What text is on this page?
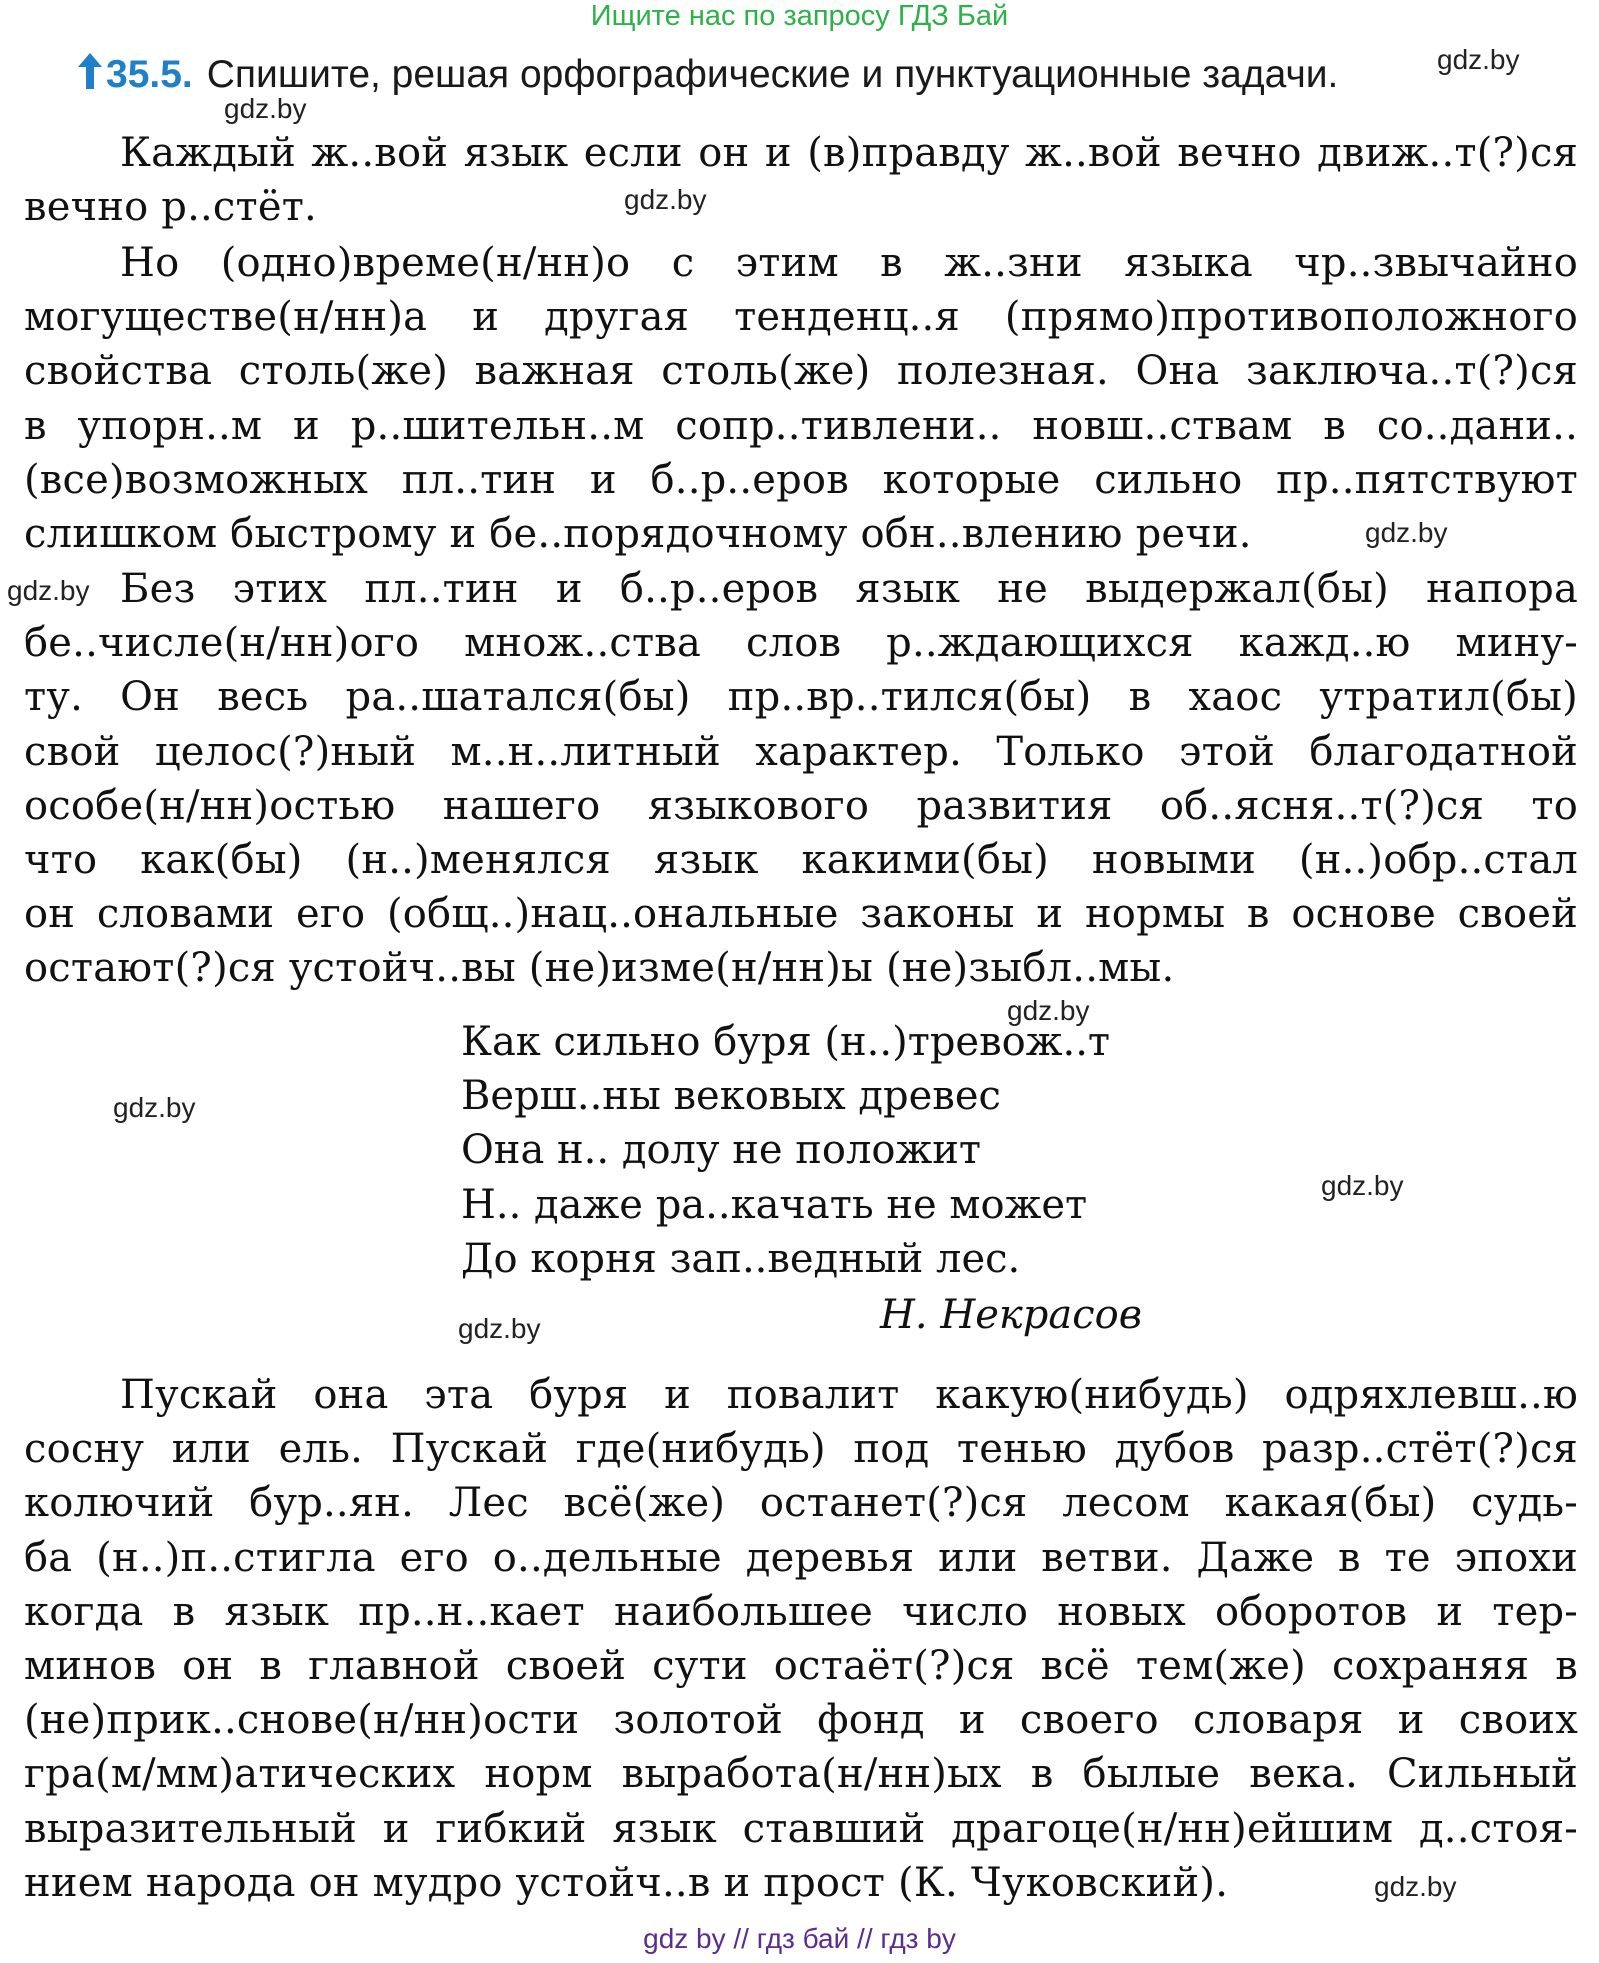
Ищите нас по запросу ГДЗ Бай
35.5. Спишите, решая орфографические и пунктуационные задачи.	gdz.by
gdz.by
gdz.by
gdz.by
gdz.by
gdz.by
gdz.by
gdz.by
gdz.by
gdz.by
Каждый ж..вой язык если он и (в)правду ж..вой вечно движ..т(?)ся
вечно р..стёт.
Но (одно)време(н/нн)о с этим в ж..зни языка чр..звычайно
могуществе(н/нн)а и другая тенденц..я (прямо)противоположного
свойства столь(же) важная столь(же) полезная. Она заключа..т(?)ся
в упорн..м и р..шительн..м сопр..тивлени.. новш..ствам в со..дани..
(все)возможных пл..тин и б..р..еров которые сильно пр..пятствуют
слишком быстрому и бе..порядочному обн..влению речи.
Без этих пл..тин и б..р..еров язык не выдержал(бы) напора
бе..числе(н/нн)ого множ..ства слов р..ждающихся кажд..ю мину-
ту. Он весь ра..шатался(бы) пр..вр..тился(бы) в хаос утратил(бы)
свой целос(?)ный м..н..литный характер. Только этой благодатной
особе(н/нн)остью нашего языкового развития об..ясня..т(?)ся то
что как(бы) (н..)менялся язык какими(бы) новыми (н..)обр..стал
он словами его (общ..)нац..ональные законы и нормы в основе своей
остают(?)ся устойч..вы (не)изме(н/нн)ы (не)зыбл..мы.
Как сильно буря (н..)тревож..т
Верш..ны вековых древес
Она н.. долу не положит
Н.. даже ра..качать не может
До корня зап..ведный лес.
Н. Некрасов
Пускай она эта буря и повалит какую(нибудь) одряхлевш..ю
сосну или ель. Пускай где(нибудь) под тенью дубов разр..стёт(?)ся
колючий бур..ян. Лес всё(же) останет(?)ся лесом какая(бы) судь-
ба (н..)п..стигла его о..дельные деревья или ветви. Даже в те эпохи
когда в язык пр..н..кает наибольшее число новых оборотов и тер-
минов он в главной своей сути остаёт(?)ся всё тем(же) сохраняя в
(не)прик..снове(н/нн)ости золотой фонд и своего словаря и своих
гра(м/мм)атических норм выработа(н/нн)ых в былые века. Сильный
выразительный и гибкий язык ставший драгоце(н/нн)ейшим д..стоя-
нием народа он мудро устойч..в и прост (К. Чуковский).
gdz by // гдз бай // гдз by
